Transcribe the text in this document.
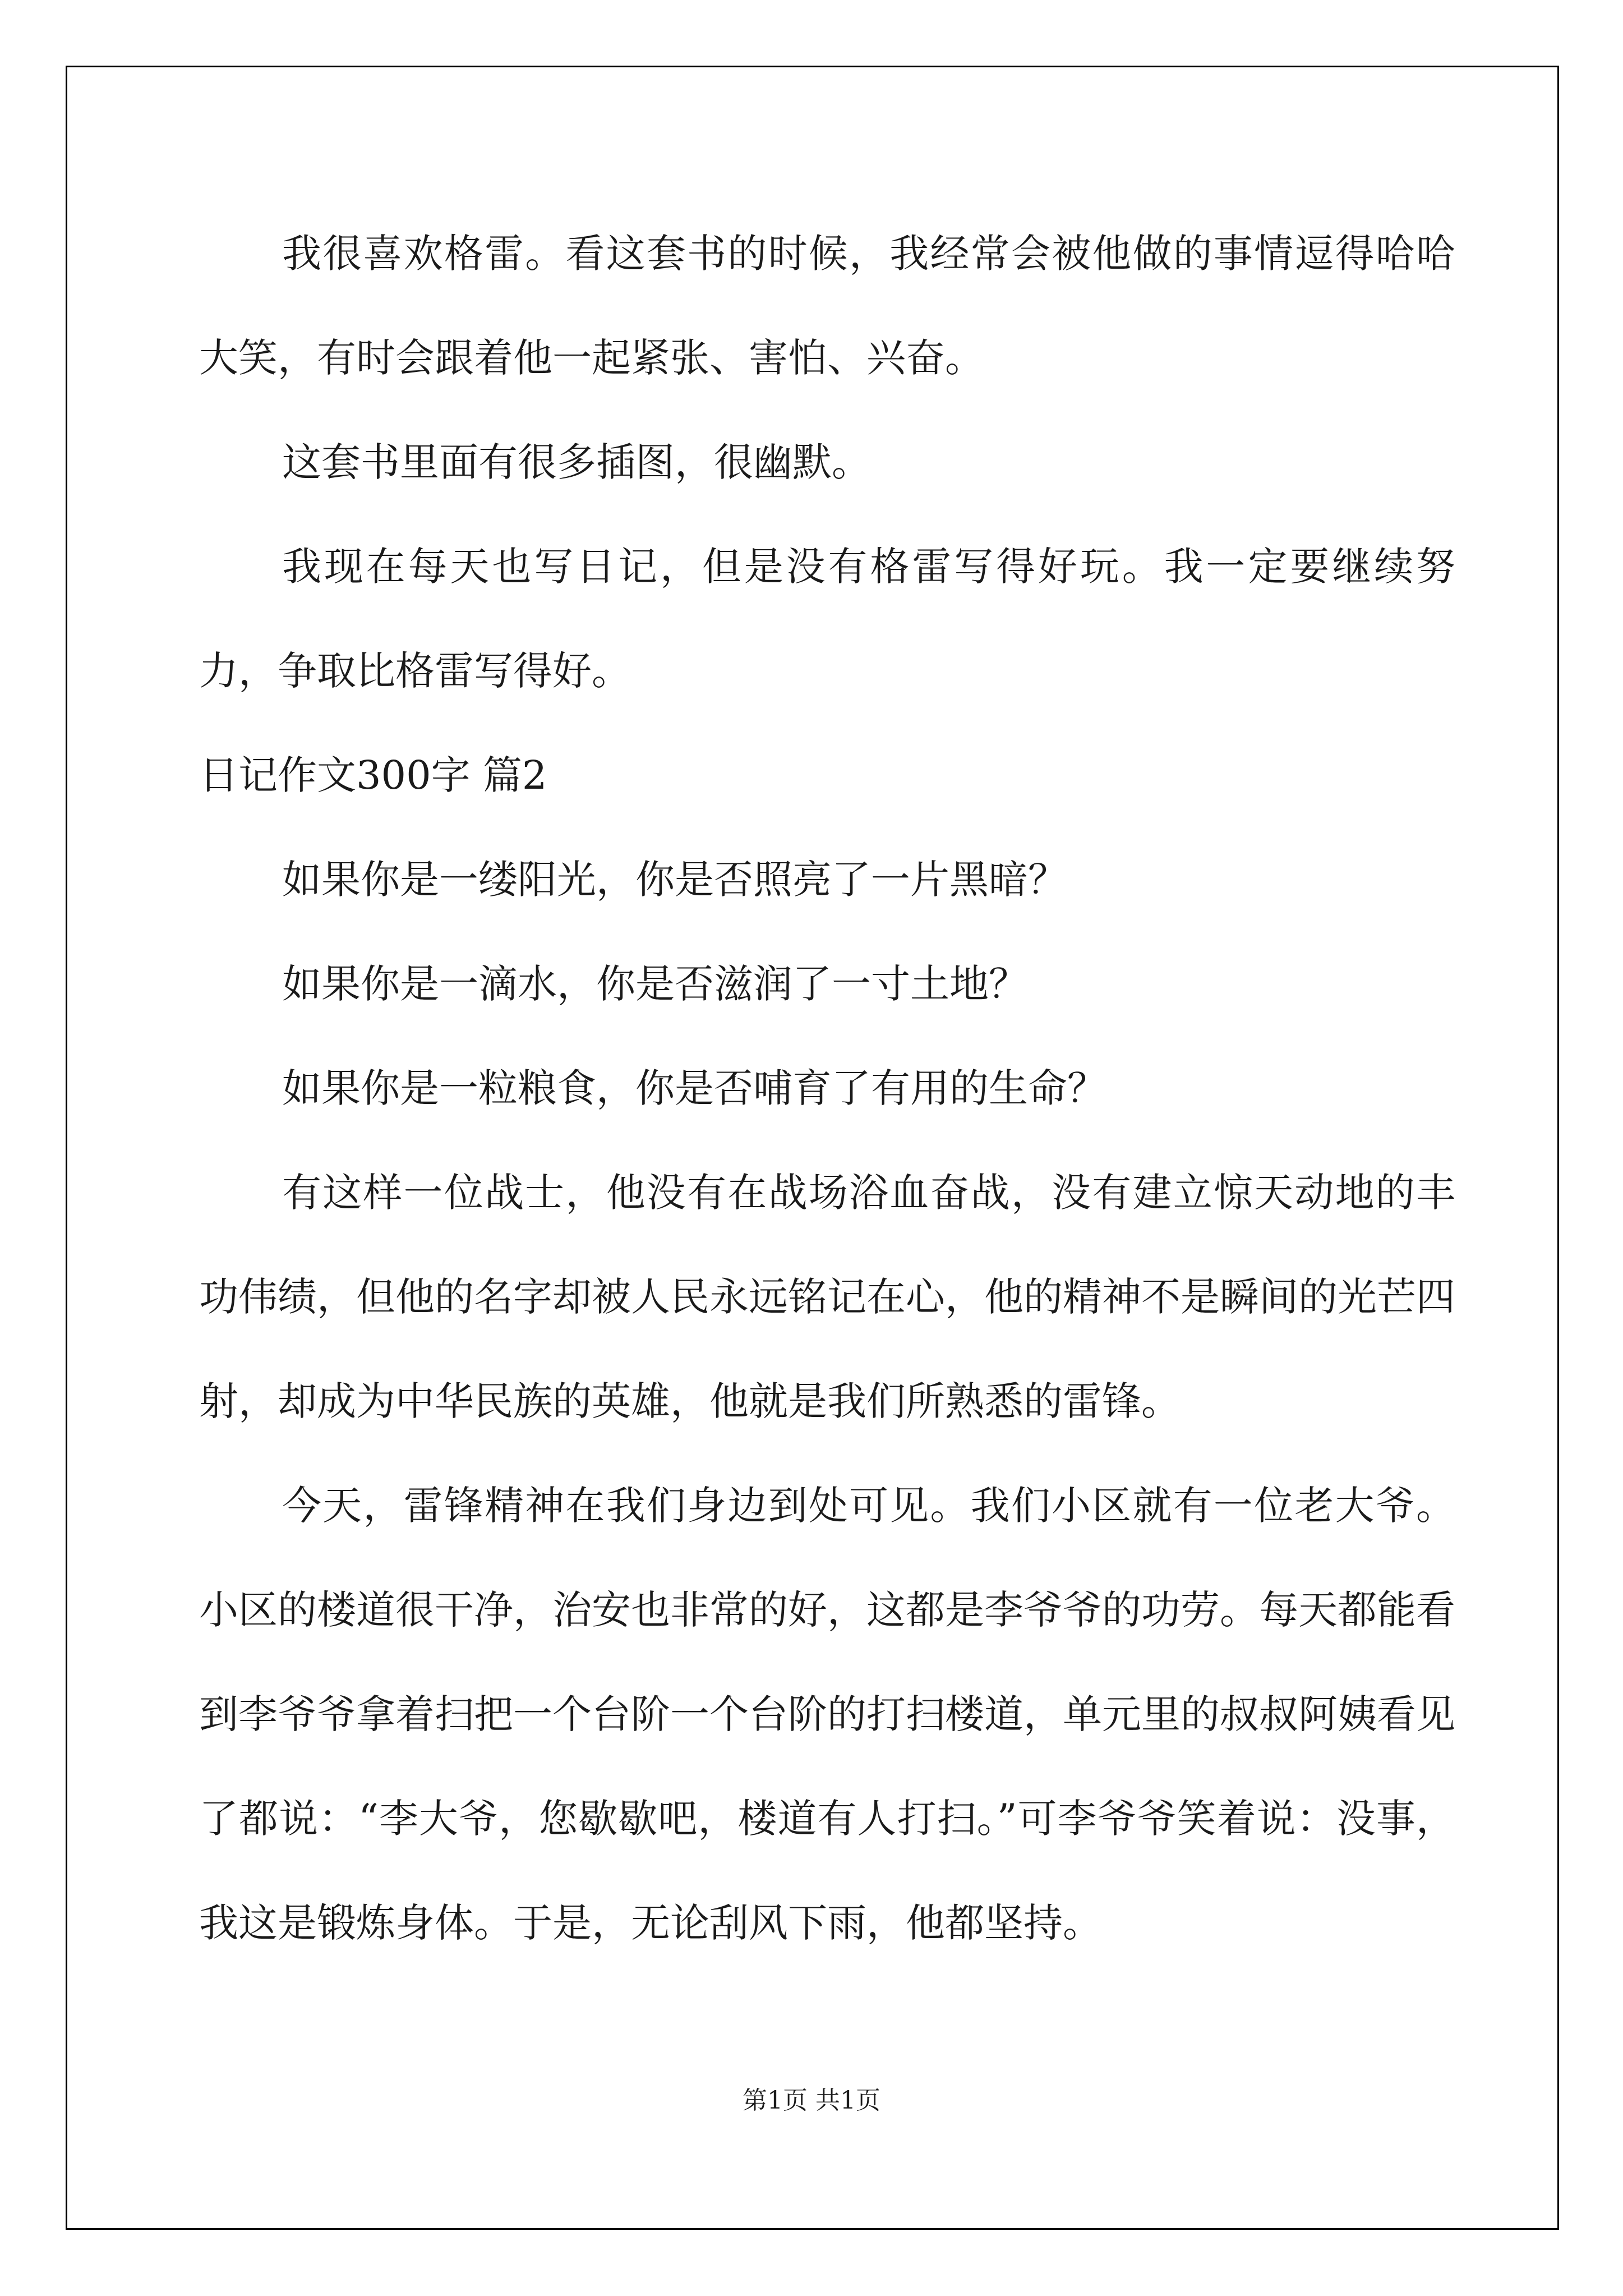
我很喜欢格雷。看这套书的时候，我经常会被他做的事情逗得哈哈大笑，有时会跟着他一起紧张、害怕、兴奋。

这套书里面有很多插图，很幽默。

我现在每天也写日记，但是没有格雷写得好玩。我一定要继续努力，争取比格雷写得好。

日记作文300字 篇2

如果你是一缕阳光，你是否照亮了一片黑暗？

如果你是一滴水，你是否滋润了一寸土地？

如果你是一粒粮食，你是否哺育了有用的生命？

有这样一位战士，他没有在战场浴血奋战，没有建立惊天动地的丰功伟绩，但他的名字却被人民永远铭记在心，他的精神不是瞬间的光芒四射，却成为中华民族的英雄，他就是我们所熟悉的雷锋。

今天，雷锋精神在我们身边到处可见。我们小区就有一位老大爷。小区的楼道很干净，治安也非常的好，这都是李爷爷的功劳。每天都能看到李爷爷拿着扫把一个台阶一个台阶的打扫楼道，单元里的叔叔阿姨看见了都说：“李大爷，您歇歇吧，楼道有人打扫。”可李爷爷笑着说：没事，我这是锻炼身体。于是，无论刮风下雨，他都坚持。

第1页 共1页
